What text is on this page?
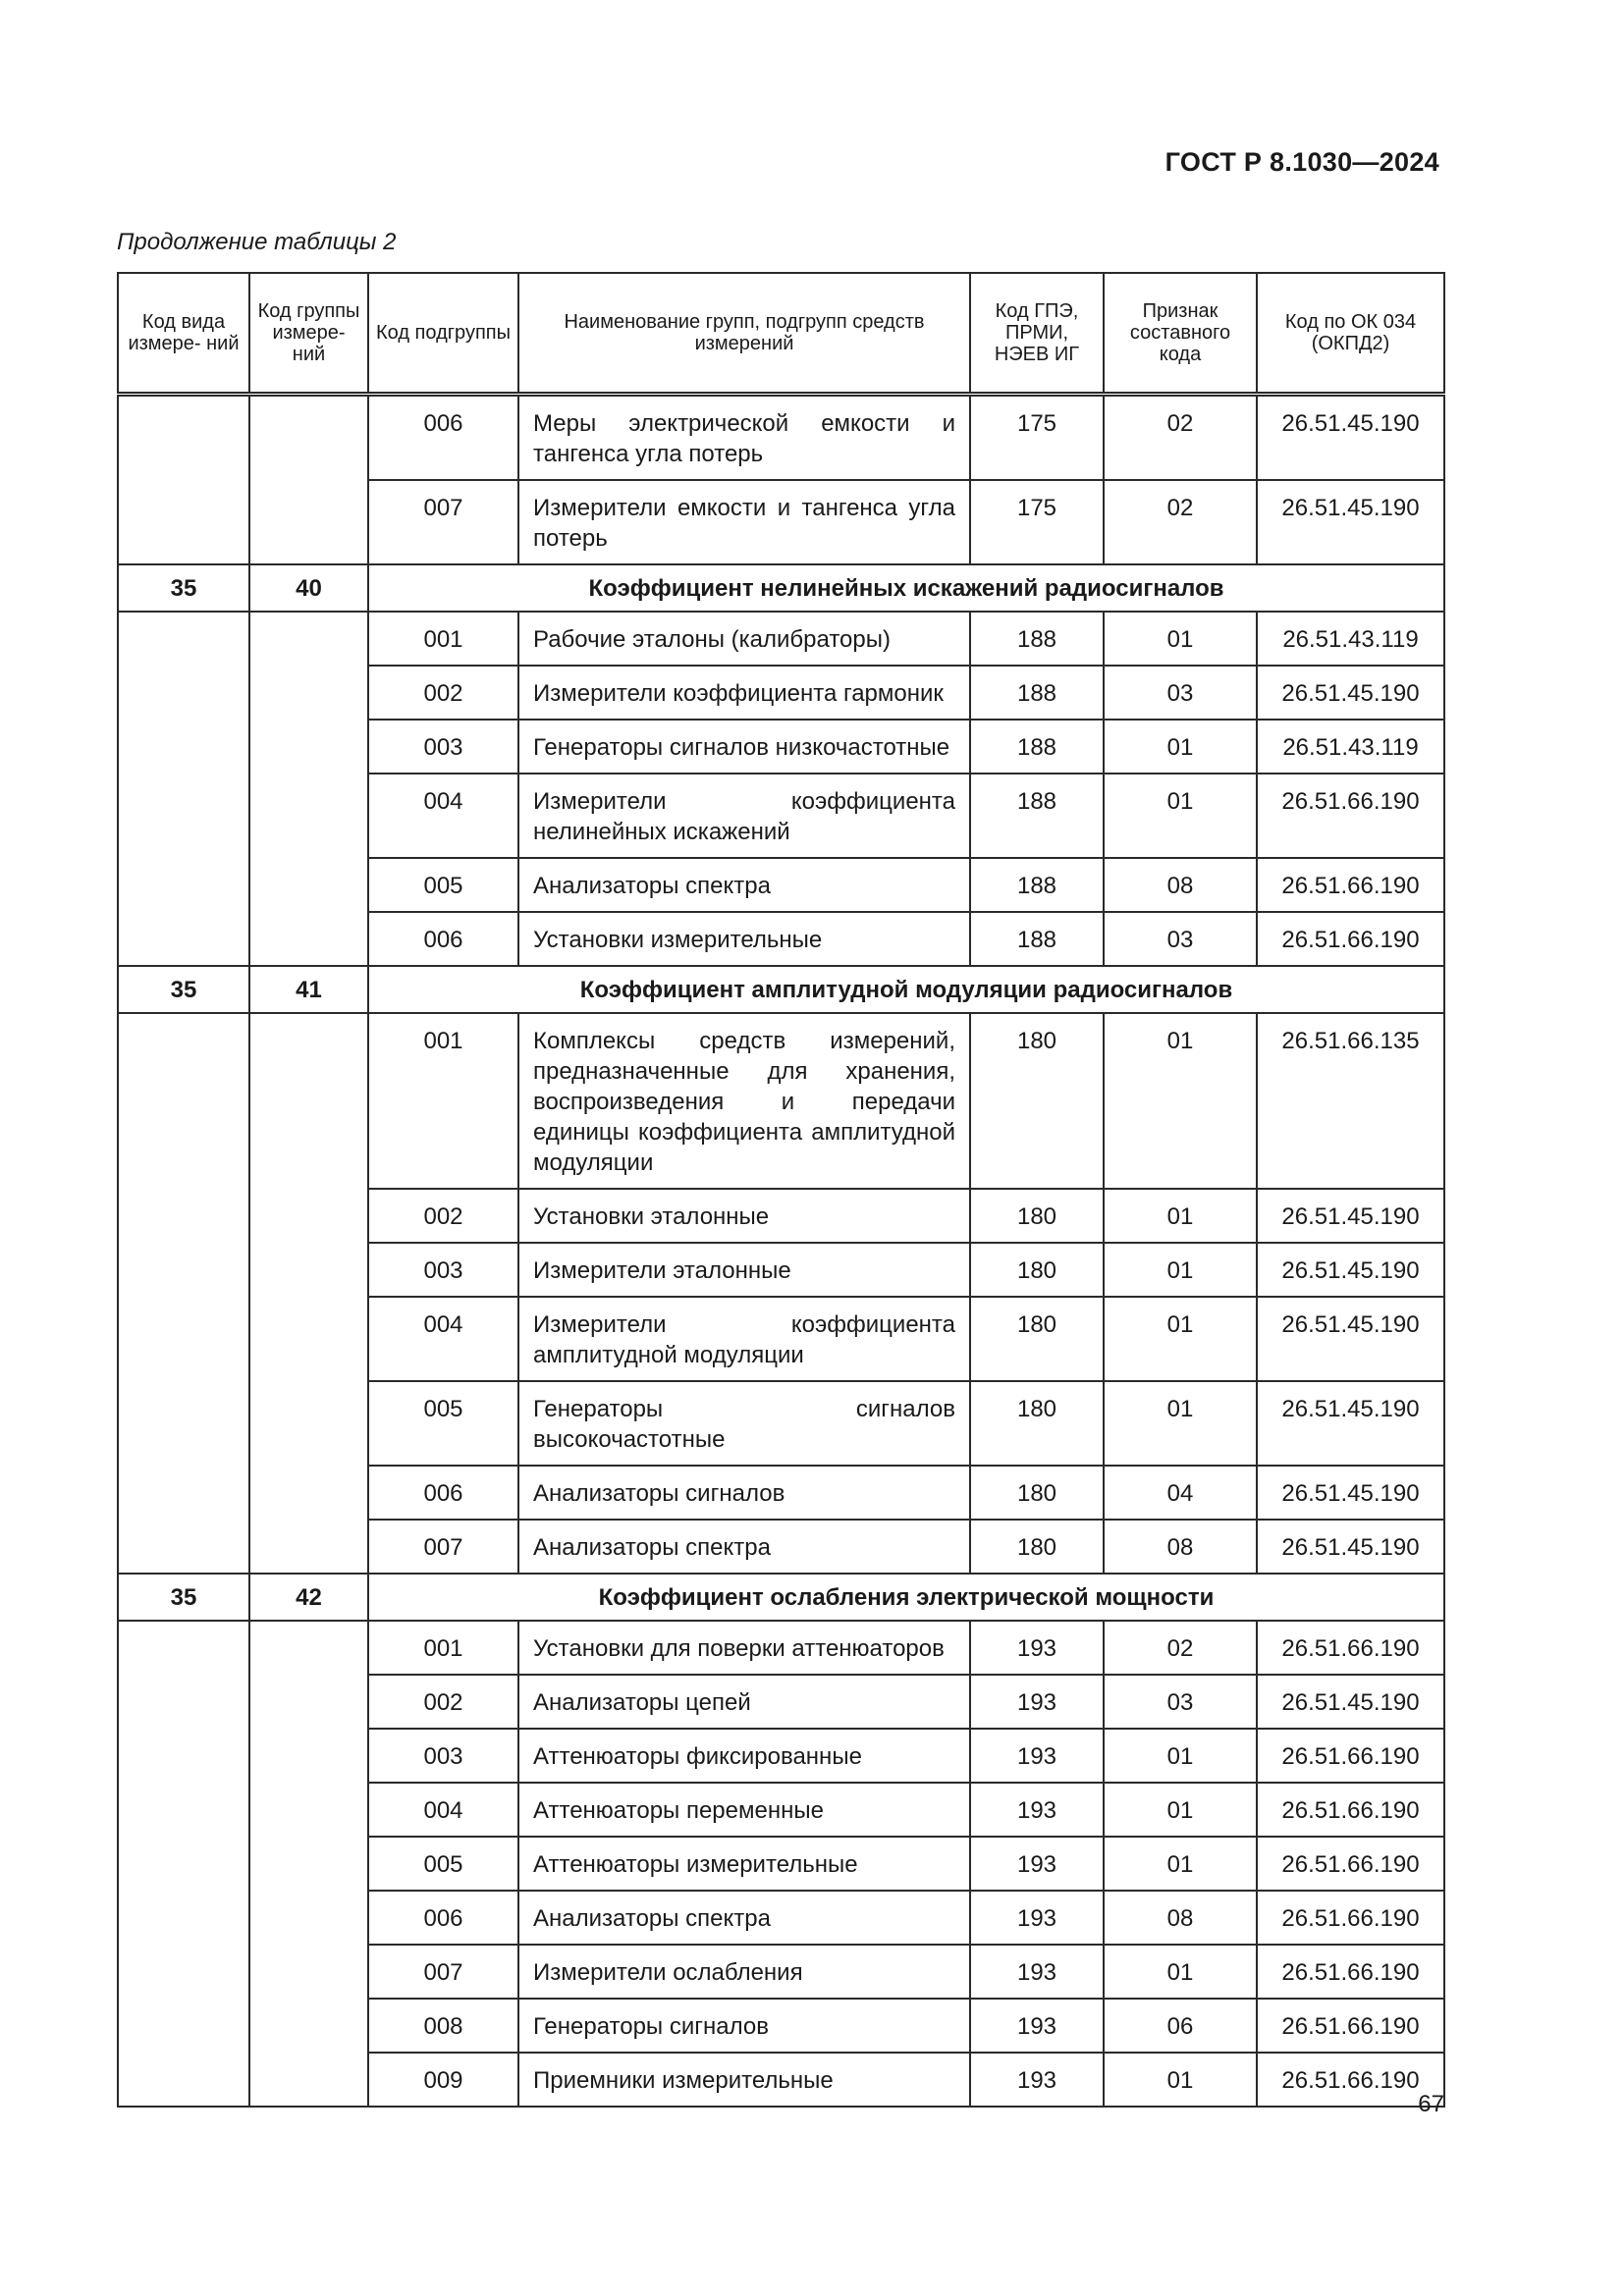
ГОСТ Р 8.1030—2024
Продолжение таблицы 2
Код вида измере- ний	Код группы измере- ний	Код подгруппы	Наименование групп, подгрупп средств измерений	Код ГПЭ, ПРМИ, НЭЕВ ИГ	Признак составного кода	Код по ОК 034 (ОКПД2)
		006	Меры электрической емкости и тангенса угла потерь	175	02	26.51.45.190
		007	Измерители емкости и тангенса угла потерь	175	02	26.51.45.190
35	40	Коэффициент нелинейных искажений радиосигналов				
		001	Рабочие эталоны (калибраторы)	188	01	26.51.43.119
		002	Измерители коэффициента гармоник	188	03	26.51.45.190
		003	Генераторы сигналов низкочастотные	188	01	26.51.43.119
		004	Измерители коэффициента нелинейных искажений	188	01	26.51.66.190
		005	Анализаторы спектра	188	08	26.51.66.190
		006	Установки измерительные	188	03	26.51.66.190
35	41	Коэффициент амплитудной модуляции радиосигналов				
		001	Комплексы средств измерений, предназначенные для хранения, воспроизведения и передачи единицы коэффициента амплитудной модуляции	180	01	26.51.66.135
		002	Установки эталонные	180	01	26.51.45.190
		003	Измерители эталонные	180	01	26.51.45.190
		004	Измерители коэффициента амплитудной модуляции	180	01	26.51.45.190
		005	Генераторы сигналов высокочастотные	180	01	26.51.45.190
		006	Анализаторы сигналов	180	04	26.51.45.190
		007	Анализаторы спектра	180	08	26.51.45.190
35	42	Коэффициент ослабления электрической мощности				
		001	Установки для поверки аттенюаторов	193	02	26.51.66.190
		002	Анализаторы цепей	193	03	26.51.45.190
		003	Аттенюаторы фиксированные	193	01	26.51.66.190
		004	Аттенюаторы переменные	193	01	26.51.66.190
		005	Аттенюаторы измерительные	193	01	26.51.66.190
		006	Анализаторы спектра	193	08	26.51.66.190
		007	Измерители ослабления	193	01	26.51.66.190
		008	Генераторы сигналов	193	06	26.51.66.190
		009	Приемники измерительные	193	01	26.51.66.190
67
